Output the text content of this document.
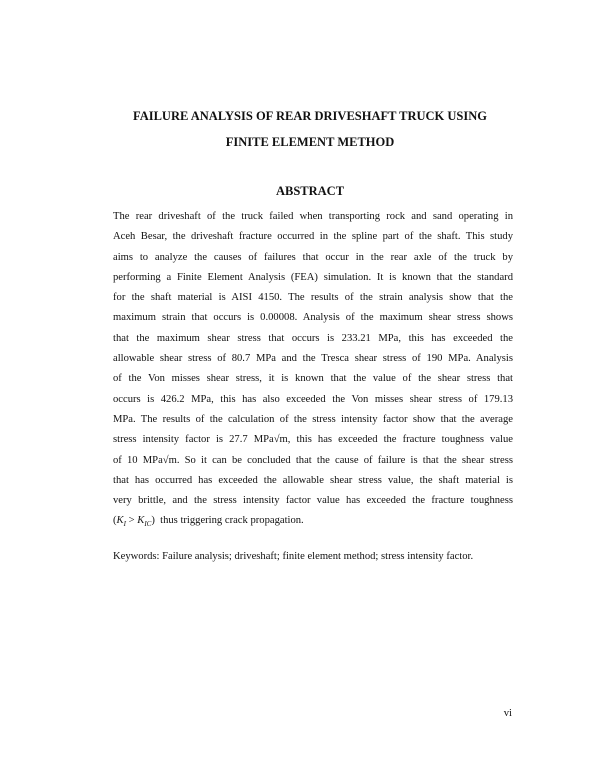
FAILURE ANALYSIS OF REAR DRIVESHAFT TRUCK USING
FINITE ELEMENT METHOD
ABSTRACT

The rear driveshaft of the truck failed when transporting rock and sand operating in
Aceh Besar, the driveshaft fracture occurred in the spline part of the shaft. This study
aims to analyze the causes of failures that occur in the rear axle of the truck by
performing a Finite Element Analysis (FEA) simulation. It is known that the standard
for the shaft material is AISI 4150. The results of the strain analysis show that the
maximum strain that occurs is 0.00008. Analysis of the maximum shear stress shows
that the maximum shear stress that occurs is 233.21 MPa, this has exceeded the
allowable shear stress of 80.7 MPa and the Tresca shear stress of 190 MPa. Analysis
of the Von misses shear stress, it is known that the value of the shear stress that
occurs is 426.2 MPa, this has also exceeded the Von misses shear stress of 179.13
MPa. The results of the calculation of the stress intensity factor show that the average
stress intensity factor is 27.7 MPa√m, this has exceeded the fracture toughness value
of 10 MPa√m. So it can be concluded that the cause of failure is that the shear stress
that has occurred has exceeded the allowable shear stress value, the shaft material is
very brittle, and the stress intensity factor value has exceeded the fracture toughness
$(K_I > K_{IC})$  thus triggering crack propagation.

Keywords: Failure analysis; driveshaft; finite element method; stress intensity factor.

vi
